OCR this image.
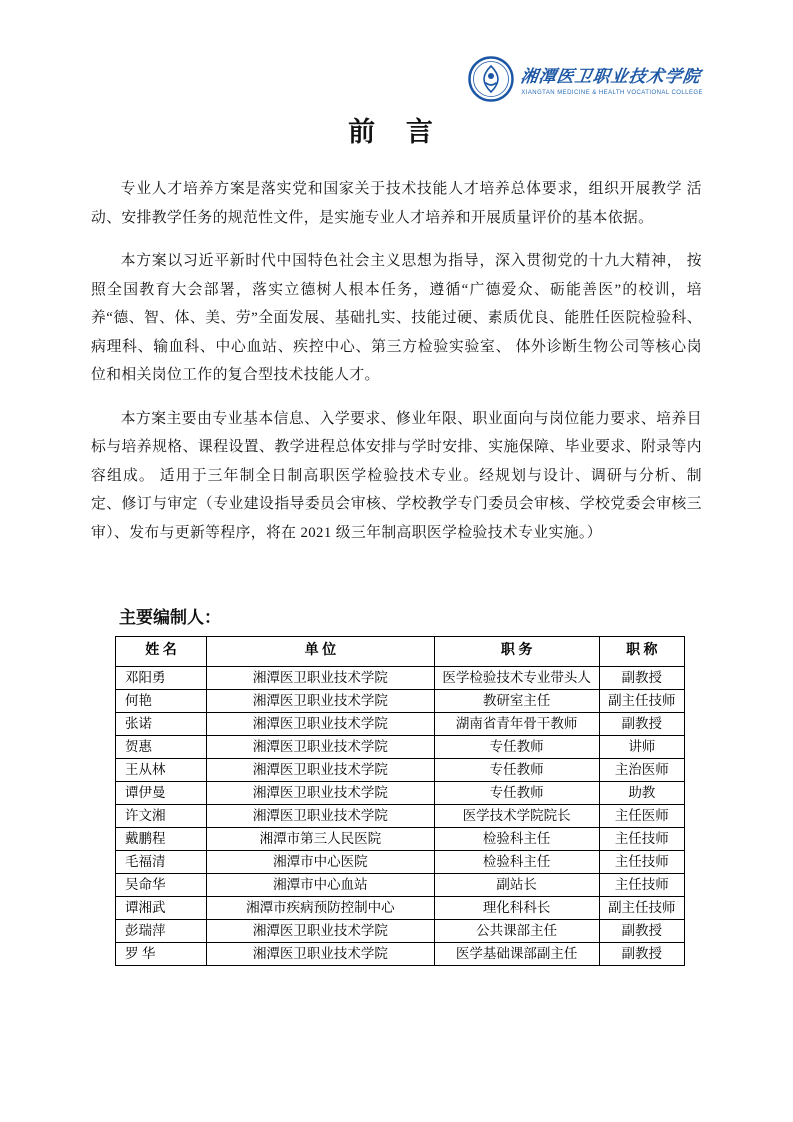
湘潭医卫职业技术学院
XIANGTAN MEDICINE & HEALTH VOCATIONAL COLLEGE
前 言

专业人才培养方案是落实党和国家关于技术技能人才培养总体要求，组织开展教学 活动、安排教学任务的规范性文件，是实施专业人才培养和开展质量评价的基本依据。

本方案以习近平新时代中国特色社会主义思想为指导，深入贯彻党的十九大精神， 按照全国教育大会部署，落实立德树人根本任务，遵循“广德爱众、砺能善医”的校训，培养“德、智、体、美、劳”全面发展、基础扎实、技能过硬、素质优良、能胜任医院检验科、病理科、输血科、中心血站、疾控中心、第三方检验实验室、 体外诊断生物公司等核心岗位和相关岗位工作的复合型技术技能人才。

本方案主要由专业基本信息、入学要求、修业年限、职业面向与岗位能力要求、培养目标与培养规格、课程设置、教学进程总体安排与学时安排、实施保障、毕业要求、附录等内容组成。 适用于三年制全日制高职医学检验技术专业。经规划与设计、调研与分析、制定、修订与审定（专业建设指导委员会审核、学校教学专门委员会审核、学校党委会审核三审）、发布与更新等程序，将在 2021 级三年制高职医学检验技术专业实施。）

主要编制人：
姓 名	单 位	职 务	职 称
邓阳勇	湘潭医卫职业技术学院	医学检验技术专业带头人	副教授
何艳	湘潭医卫职业技术学院	教研室主任	副主任技师
张诺	湘潭医卫职业技术学院	湖南省青年骨干教师	副教授
贺惠	湘潭医卫职业技术学院	专任教师	讲师
王从林	湘潭医卫职业技术学院	专任教师	主治医师
谭伊曼	湘潭医卫职业技术学院	专任教师	助教
许文湘	湘潭医卫职业技术学院	医学技术学院院长	主任医师
戴鹏程	湘潭市第三人民医院	检验科主任	主任技师
毛福清	湘潭市中心医院	检验科主任	主任技师
吴命华	湘潭市中心血站	副站长	主任技师
谭湘武	湘潭市疾病预防控制中心	理化科科长	副主任技师
彭瑞萍	湘潭医卫职业技术学院	公共课部主任	副教授
罗 华	湘潭医卫职业技术学院	医学基础课部副主任	副教授
